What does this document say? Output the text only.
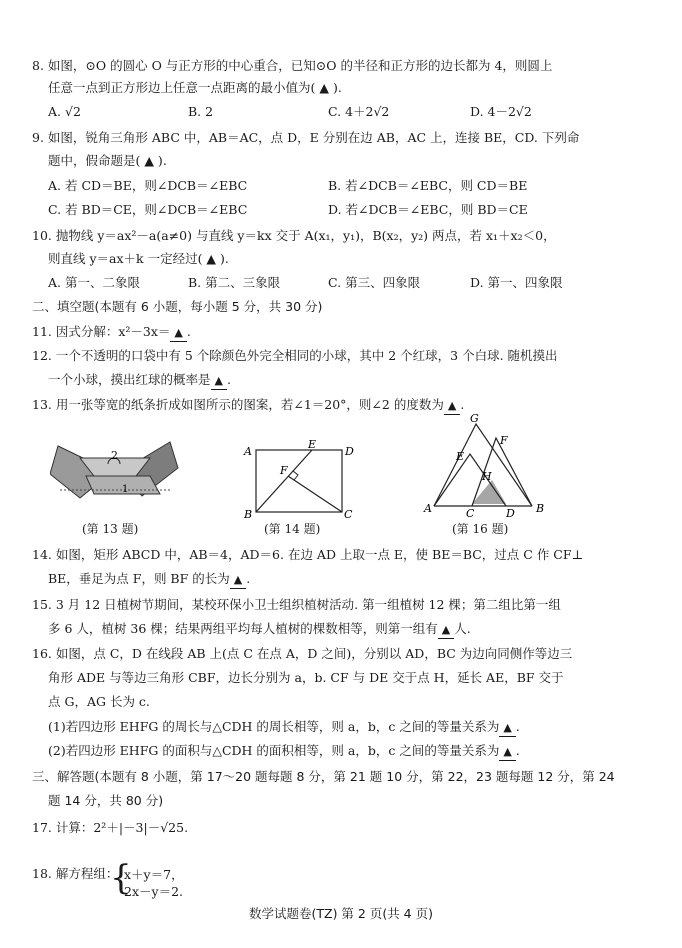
8. 如图，⊙O 的圆心 O 与正方形的中心重合，已知⊙O 的半径和正方形的边长都为 4，则圆上
任意一点到正方形边上任意一点距离的最小值为( ▲ ).
A. √2	B. 2	C. 4＋2√2	D. 4－2√2
9. 如图，锐角三角形 ABC 中，AB＝AC，点 D，E 分别在边 AB，AC 上，连接 BE，CD. 下列命
题中，假命题是( ▲ ).
A. 若 CD＝BE，则∠DCB＝∠EBC	B. 若∠DCB＝∠EBC，则 CD＝BE
C. 若 BD＝CE，则∠DCB＝∠EBC	D. 若∠DCB＝∠EBC，则 BD＝CE
10. 抛物线 y＝ax²－a(a≠0) 与直线 y＝kx 交于 A(x₁，y₁)，B(x₂，y₂) 两点，若 x₁＋x₂＜0，
则直线 y＝ax＋k 一定经过( ▲ ).
A. 第一、二象限	B. 第二、三象限	C. 第三、四象限	D. 第一、四象限
二、填空题(本题有 6 小题，每小题 5 分，共 30 分)
11. 因式分解：x²－3x＝ ▲ .
12. 一个不透明的口袋中有 5 个除颜色外完全相同的小球，其中 2 个红球，3 个白球. 随机摸出
一个小球，摸出红球的概率是 ▲ .
13. 用一张等宽的纸条折成如图所示的图案，若∠1＝20°，则∠2 的度数为 ▲ .
2
1
(第 13 题)
A
E
D
F
B	C
(第 14 题)
G
E
F
H
A	C	D B
(第 16 题)
14. 如图，矩形 ABCD 中，AB＝4，AD＝6. 在边 AD 上取一点 E，使 BE＝BC，过点 C 作 CF⊥
BE，垂足为点 F，则 BF 的长为 ▲ .
15. 3 月 12 日植树节期间，某校环保小卫士组织植树活动. 第一组植树 12 棵；第二组比第一组
多 6 人，植树 36 棵；结果两组平均每人植树的棵数相等，则第一组有 ▲ 人.
16. 如图，点 C，D 在线段 AB 上(点 C 在点 A，D 之间)，分别以 AD，BC 为边向同侧作等边三
角形 ADE 与等边三角形 CBF，边长分别为 a，b. CF 与 DE 交于点 H，延长 AE，BF 交于
点 G，AG 长为 c.
(1)若四边形 EHFG 的周长与△CDH 的周长相等，则 a，b，c 之间的等量关系为 ▲ .
(2)若四边形 EHFG 的面积与△CDH 的面积相等，则 a，b，c 之间的等量关系为 ▲ .
三、解答题(本题有 8 小题，第 17～20 题每题 8 分，第 21 题 10 分，第 22，23 题每题 12 分，第 24
题 14 分，共 80 分)
17. 计算：2²＋|－3|－√25.
18. 解方程组：
{
x＋y＝7，
2x－y＝2.
数学试题卷(TZ) 第 2 页(共 4 页)
